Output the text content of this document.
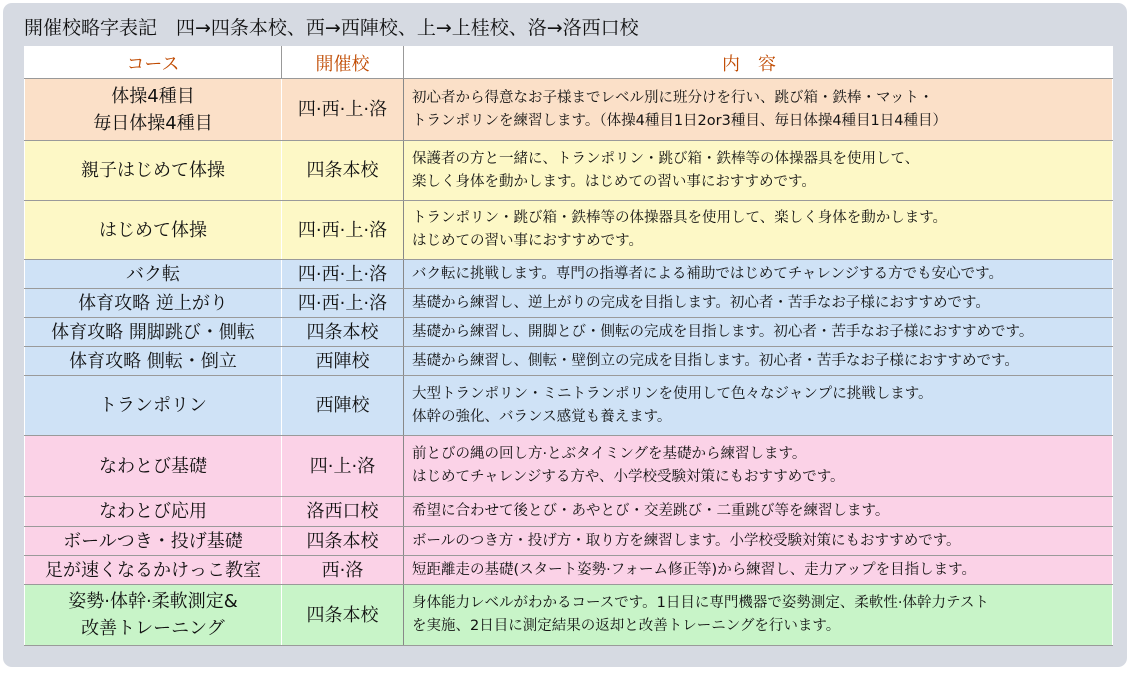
開催校略字表記　四→四条本校、西→西陣校、上→上桂校、洛→洛西口校
コース	開催校	内容

体操4種目
毎日体操4種目	四·西·上·洛	初心者から得意なお子様までレベル別に班分けを行い、跳び箱・鉄棒・マット・
トランポリンを練習します。（体操4種目1日2or3種目、毎日体操4種目1日4種目）

親子はじめて体操	四条本校	保護者の方と一緒に、トランポリン・跳び箱・鉄棒等の体操器具を使用して、
楽しく身体を動かします。はじめての習い事におすすめです。

はじめて体操	四·西·上·洛	トランポリン・跳び箱・鉄棒等の体操器具を使用して、楽しく身体を動かします。
はじめての習い事におすすめです。

バク転	四·西·上·洛	バク転に挑戦します。専門の指導者による補助ではじめてチャレンジする方でも安心です。

体育攻略 逆上がり	四·西·上·洛	基礎から練習し、逆上がりの完成を目指します。初心者・苦手なお子様におすすめです。

体育攻略 開脚跳び・側転	四条本校	基礎から練習し、開脚とび・側転の完成を目指します。初心者・苦手なお子様におすすめです。

体育攻略 側転・倒立	西陣校	基礎から練習し、側転・壁倒立の完成を目指します。初心者・苦手なお子様におすすめです。

トランポリン	西陣校	大型トランポリン・ミニトランポリンを使用して色々なジャンプに挑戦します。
体幹の強化、バランス感覚も養えます。

なわとび基礎	四·上·洛	前とびの縄の回し方·とぶタイミングを基礎から練習します。
はじめてチャレンジする方や、小学校受験対策にもおすすめです。

なわとび応用	洛西口校	希望に合わせて後とび・あやとび・交差跳び・二重跳び等を練習します。

ボールつき・投げ基礎	四条本校	ボールのつき方・投げ方・取り方を練習します。小学校受験対策にもおすすめです。

足が速くなるかけっこ教室	西·洛	短距離走の基礎(スタート姿勢·フォーム修正等)から練習し、走力アップを目指します。

姿勢·体幹·柔軟測定&
改善トレーニング	四条本校	身体能力レベルがわかるコースです。1日目に専門機器で姿勢測定、柔軟性·体幹力テスト
を実施、2日目に測定結果の返却と改善トレーニングを行います。
